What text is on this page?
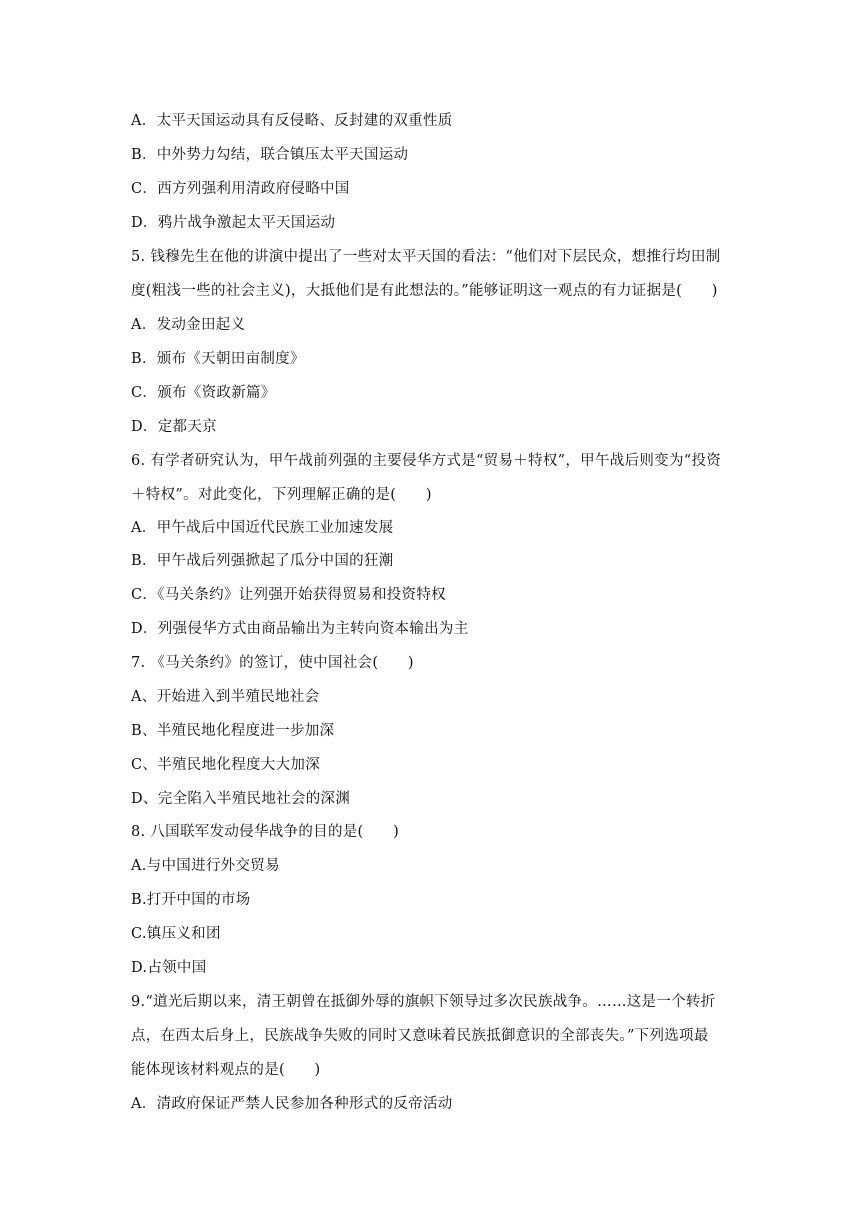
A．太平天国运动具有反侵略、反封建的双重性质
B．中外势力勾结，联合镇压太平天国运动
C．西方列强利用清政府侵略中国
D．鸦片战争激起太平天国运动
5. 钱穆先生在他的讲演中提出了一些对太平天国的看法：“他们对下层民众，想推行均田制
度(粗浅一些的社会主义)，大抵他们是有此想法的。”能够证明这一观点的有力证据是(　　)
A．发动金田起义
B．颁布《天朝田亩制度》
C．颁布《资政新篇》
D．定都天京
6. 有学者研究认为，甲午战前列强的主要侵华方式是“贸易＋特权”，甲午战后则变为“投资
＋特权”。对此变化，下列理解正确的是(　　)
A．甲午战后中国近代民族工业加速发展
B．甲午战后列强掀起了瓜分中国的狂潮
C．《马关条约》让列强开始获得贸易和投资特权
D．列强侵华方式由商品输出为主转向资本输出为主
7. 《马关条约》的签订，使中国社会(　　)
A、开始进入到半殖民地社会
B、半殖民地化程度进一步加深
C、半殖民地化程度大大加深
D、完全陷入半殖民地社会的深渊
8. 八国联军发动侵华战争的目的是(　　)
A.与中国进行外交贸易
B.打开中国的市场
C.镇压义和团
D.占领中国
9.“道光后期以来，清王朝曾在抵御外辱的旗帜下领导过多次民族战争。……这是一个转折
点，在西太后身上，民族战争失败的同时又意味着民族抵御意识的全部丧失。”下列选项最
能体现该材料观点的是(　　)
A．清政府保证严禁人民参加各种形式的反帝活动
